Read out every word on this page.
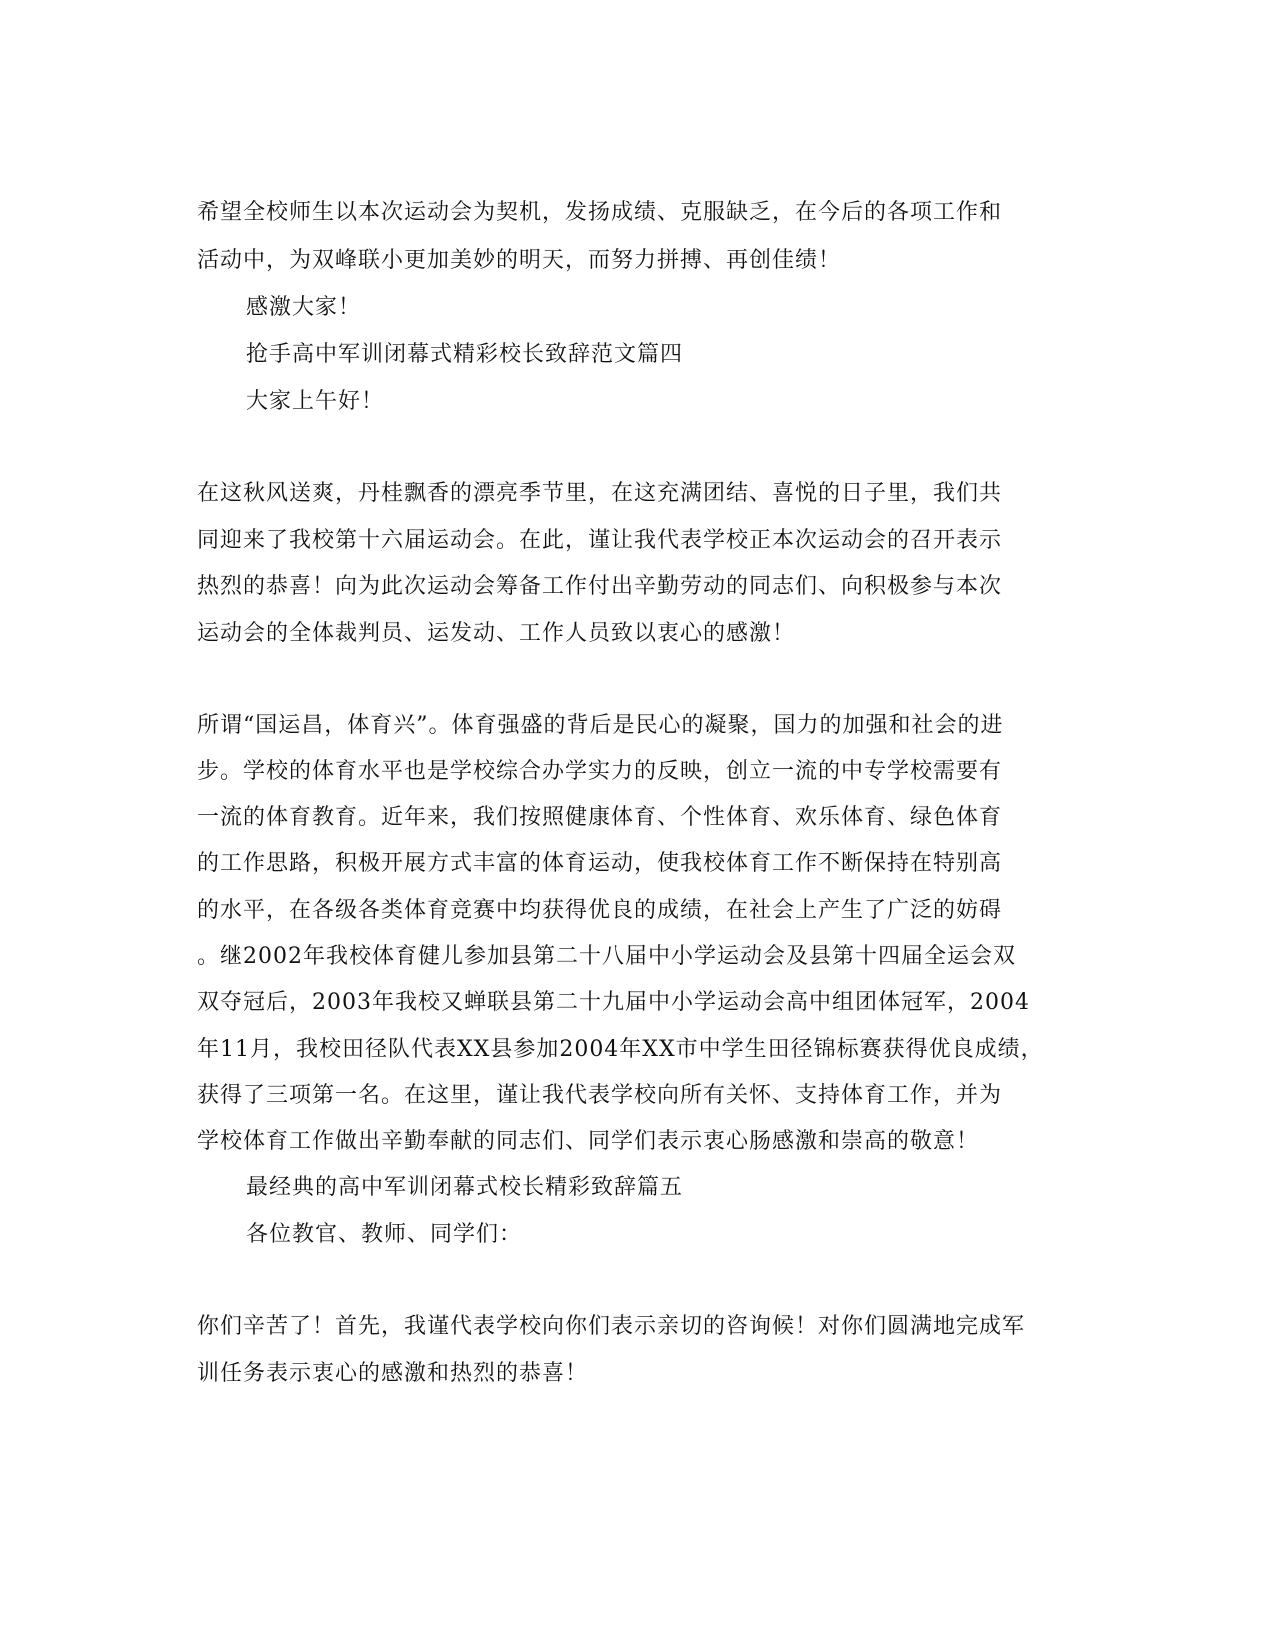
希望全校师生以本次运动会为契机，发扬成绩、克服缺乏，在今后的各项工作和

活动中，为双峰联小更加美妙的明天，而努力拼搏、再创佳绩！

感激大家！

抢手高中军训闭幕式精彩校长致辞范文篇四

大家上午好！

在这秋风送爽，丹桂飘香的漂亮季节里，在这充满团结、喜悦的日子里，我们共

同迎来了我校第十六届运动会。在此，谨让我代表学校正本次运动会的召开表示

热烈的恭喜！向为此次运动会筹备工作付出辛勤劳动的同志们、向积极参与本次

运动会的全体裁判员、运发动、工作人员致以衷心的感激！

所谓“国运昌，体育兴”。体育强盛的背后是民心的凝聚，国力的加强和社会的进

步。学校的体育水平也是学校综合办学实力的反映，创立一流的中专学校需要有

一流的体育教育。近年来，我们按照健康体育、个性体育、欢乐体育、绿色体育

的工作思路，积极开展方式丰富的体育运动，使我校体育工作不断保持在特别高

的水平，在各级各类体育竞赛中均获得优良的成绩，在社会上产生了广泛的妨碍

。继2002年我校体育健儿参加县第二十八届中小学运动会及县第十四届全运会双

双夺冠后，2003年我校又蝉联县第二十九届中小学运动会高中组团体冠军，2004

年11月，我校田径队代表XX县参加2004年XX市中学生田径锦标赛获得优良成绩，

获得了三项第一名。在这里，谨让我代表学校向所有关怀、支持体育工作，并为

学校体育工作做出辛勤奉献的同志们、同学们表示衷心肠感激和崇高的敬意！

最经典的高中军训闭幕式校长精彩致辞篇五

各位教官、教师、同学们：

你们辛苦了！首先，我谨代表学校向你们表示亲切的咨询候！对你们圆满地完成军

训任务表示衷心的感激和热烈的恭喜！
